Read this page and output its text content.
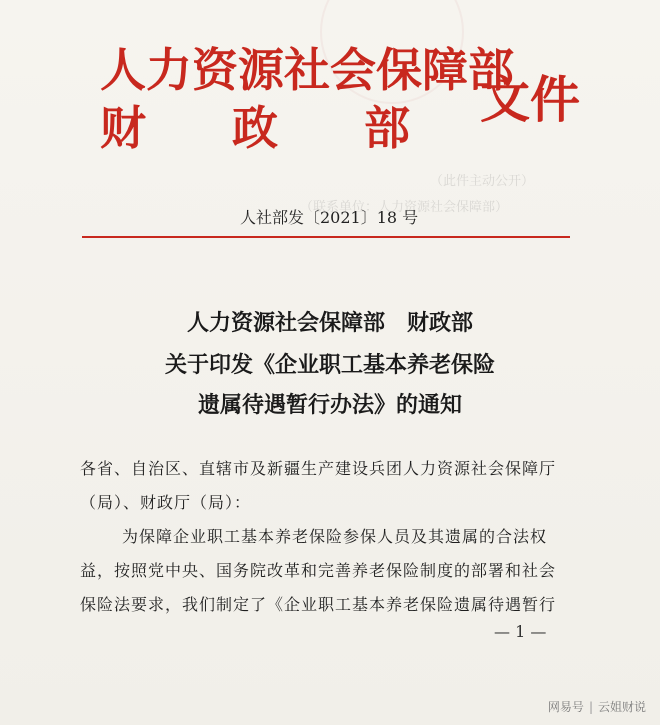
人力资源社会保障部
财 政 部 文件
（此件主动公开）
（联系单位：人力资源社会保障部）
人社部发〔2021〕18 号
人力资源社会保障部　财政部
关于印发《企业职工基本养老保险
遗属待遇暂行办法》的通知
各省、自治区、直辖市及新疆生产建设兵团人力资源社会保障厅
（局）、财政厅（局）：
为保障企业职工基本养老保险参保人员及其遗属的合法权
益，按照党中央、国务院改革和完善养老保险制度的部署和社会
保险法要求，我们制定了《企业职工基本养老保险遗属待遇暂行
— 1 —
网易号 | 云姐财说
